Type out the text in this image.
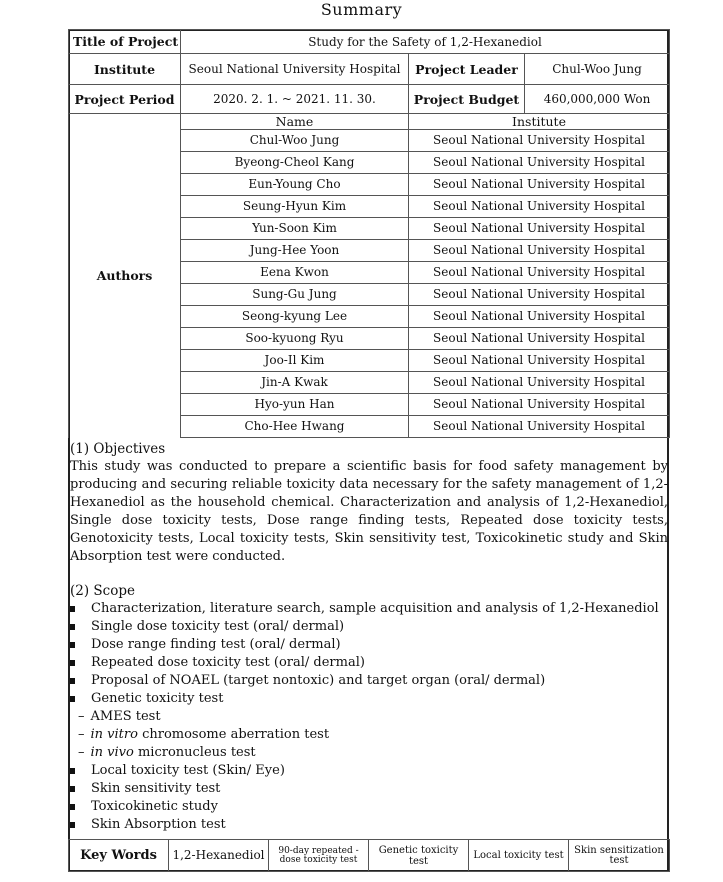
Summary
Title of Project	Study for the Safety of 1,2-Hexanediol		
Institute	Seoul National University Hospital	Project Leader	Chul-Woo Jung
Project Period	2020. 2. 1. ~ 2021. 11. 30.	Project Budget	460,000,000 Won
Authors	Name	Institute	
	Chul-Woo Jung	Seoul National University Hospital	
	Byeong-Cheol Kang	Seoul National University Hospital	
	Eun-Young Cho	Seoul National University Hospital	
	Seung-Hyun Kim	Seoul National University Hospital	
	Yun-Soon Kim	Seoul National University Hospital	
	Jung-Hee Yoon	Seoul National University Hospital	
	Eena Kwon	Seoul National University Hospital	
	Sung-Gu Jung	Seoul National University Hospital	
	Seong-kyung Lee	Seoul National University Hospital	
	Soo-kyuong Ryu	Seoul National University Hospital	
	Joo-Il Kim	Seoul National University Hospital	
	Jin-A Kwak	Seoul National University Hospital	
	Hyo-yun Han	Seoul National University Hospital	
	Cho-Hee Hwang	Seoul National University Hospital	
(1) Objectives

This study was conducted to prepare a scientific basis for food safety management by producing and securing reliable toxicity data necessary for the safety management of 1,2-Hexanediol as the household chemical. Characterization and analysis of 1,2-Hexanediol, Single dose toxicity tests, Dose range finding tests, Repeated dose toxicity tests, Genotoxicity tests, Local toxicity tests, Skin sensitivity test, Toxicokinetic study and Skin Absorption test were conducted.

(2) Scope
Characterization, literature search, sample acquisition and analysis of 1,2-Hexanediol
Single dose toxicity test (oral/ dermal)
Dose range finding test (oral/ dermal)
Repeated dose toxicity test (oral/ dermal)
Proposal of NOAEL (target nontoxic) and target organ (oral/ dermal)
Genetic toxicity test
– AMES test
– in vitro chromosome aberration test
– in vivo micronucleus test
Local toxicity test (Skin/ Eye)
Skin sensitivity test
Toxicokinetic study
Skin Absorption test
Key Words	1,2-Hexanediol	90-day repeated -dose toxicity test	Genetic toxicity test	Local toxicity test	Skin sensitization test
